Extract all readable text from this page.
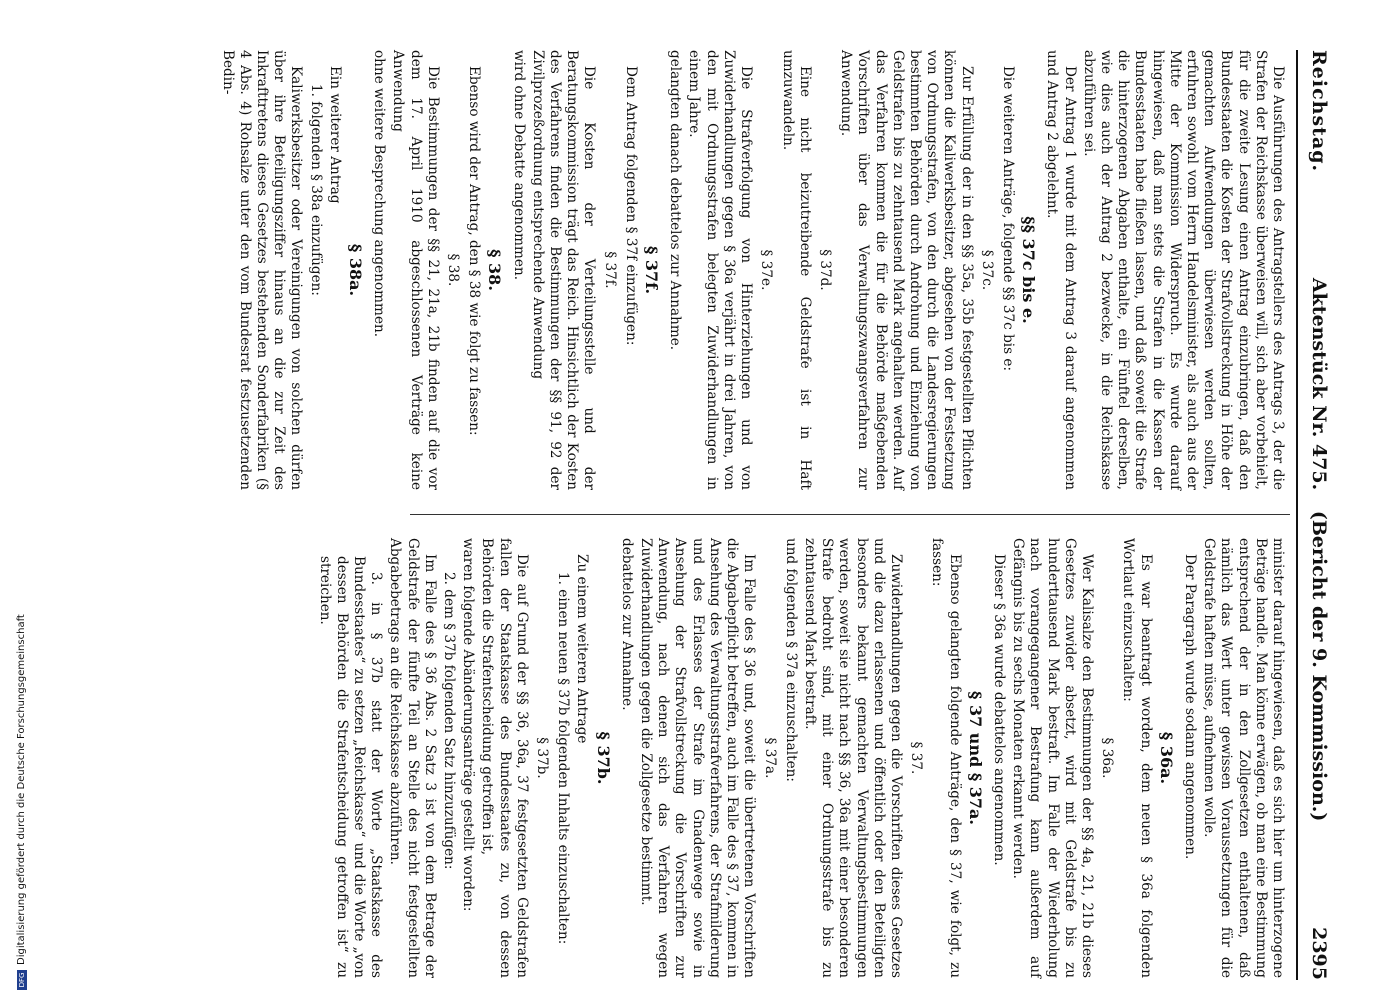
Reichstag.
Aktenstück Nr. 475. (Bericht der 9. Kommission.)
2395

Die Ausführungen des Antragstellers des Antrags 3, der die Strafen der Reichskasse überweisen will, sich aber vorbehielt, für die zweite Lesung einen Antrag einzubringen, daß den Bundesstaaten die Kosten der Strafvollstreckung in Höhe der gemachten Aufwendungen überwiesen werden sollten, erfuhren sowohl vom Herrn Handelsminister, als auch aus der Mitte der Kommission Widerspruch. Es wurde darauf hingewiesen, daß man stets die Strafen in die Kassen der Bundesstaaten habe fließen lassen, und daß soweit die Strafe die hinterzogenen Abgaben enthalte, ein Fünftel derselben, wie dies auch der Antrag 2 bezwecke, in die Reichskasse abzuführen sei.

Der Antrag 1 wurde mit dem Antrag 3 darauf angenommen und Antrag 2 abgelehnt.

§§ 37c bis e.

Die weiteren Anträge, folgende §§ 37c bis e:

§ 37c.

Zur Erfüllung der in den §§ 35a, 35b festgestellten Pflichten können die Kaliwerksbesitzer, abgesehen von der Festsetzung von Ordnungsstrafen, von den durch die Landesregierungen bestimmten Behörden durch Androhung und Einziehung von Geldstrafen bis zu zehntausend Mark angehalten werden. Auf das Verfahren kommen die für die Behörde maßgebenden Vorschriften über das Verwaltungszwangsverfahren zur Anwendung.

§ 37d.

Eine nicht beizutreibende Geldstrafe ist in Haft umzuwandeln.

§ 37e.

Die Strafverfolgung von Hinterziehungen und von Zuwiderhandlungen gegen § 36a verjährt in drei Jahren, von den mit Ordnungsstrafen belegten Zuwiderhandlungen in einem Jahre.

gelangten danach debattelos zur Annahme.

§ 37f.

Dem Antrag folgenden § 37f einzufügen:

§ 37f.

Die Kosten der Verteilungsstelle und der Beratungskommission trägt das Reich. Hinsichtlich der Kosten des Verfahrens finden die Bestimmungen der §§ 91, 92 der Zivilprozeßordnung entsprechende Anwendung

wird ohne Debatte angenommen.

§ 38.

Ebenso wird der Antrag, den § 38 wie folgt zu fassen:

§ 38.

Die Bestimmungen der §§ 21, 21a, 21b finden auf die vor dem 17. April 1910 abgeschlossenen Verträge keine Anwendung

ohne weitere Besprechung angenommen.

§ 38a.

Ein weiterer Antrag

1. folgenden § 38a einzufügen:

Kaliwerksbesitzer oder Vereinigungen von solchen dürfen über ihre Beteiligungsziffer hinaus an die zur Zeit des Inkrafttretens dieses Gesetzes bestehenden Sonderfabriken (§ 4 Abs. 4) Rohsalze unter den vom Bundesrat festzusetzenden Bedin-

minister darauf hingewiesen, daß es sich hier um hinterzogene Beträge handle. Man könne erwägen, ob man eine Bestimmung entsprechend der in den Zollgesetzen enthaltenen, daß nämlich das Wert unter gewissen Voraussetzungen für die Geldstrafe haften müsse, aufnehmen wolle.

Der Paragraph wurde sodann angenommen.

§ 36a.

Es war beantragt worden, dem neuen § 36a folgenden Wortlaut einzuschalten:

§ 36a.

Wer Kalisalze den Bestimmungen der §§ 4a, 21, 21b dieses Gesetzes zuwider absetzt, wird mit Geldstrafe bis zu hunderttausend Mark bestraft. Im Falle der Wiederholung nach vorangegangener Bestrafung kann außerdem auf Gefängnis bis zu sechs Monaten erkannt werden.

Dieser § 36a wurde debattelos angenommen.

§ 37 und § 37a.

Ebenso gelangten folgende Anträge, den § 37, wie folgt, zu fassen:

§ 37.

Zuwiderhandlungen gegen die Vorschriften dieses Gesetzes und die dazu erlassenen und öffentlich oder den Beteiligten besonders bekannt gemachten Verwaltungsbestimmungen werden, soweit sie nicht nach §§ 36, 36a mit einer besonderen Strafe bedroht sind, mit einer Ordnungsstrafe bis zu zehntausend Mark bestraft.

und folgenden § 37a einzuschalten:

§ 37a.

Im Falle des § 36 und, soweit die übertretenen Vorschriften die Abgabepflicht betreffen, auch im Falle des § 37, kommen in Ansehung des Verwaltungsstrafverfahrens, der Strafmilderung und des Erlasses der Strafe im Gnadenwege sowie in Ansehung der Strafvollstreckung die Vorschriften zur Anwendung, nach denen sich das Verfahren wegen Zuwiderhandlungen gegen die Zollgesetze bestimmt.

debattelos zur Annahme.

§ 37b.

Zu einem weiteren Antrage

1. einen neuen § 37b folgenden Inhalts einzuschalten:

§ 37b.

Die auf Grund der §§ 36, 36a, 37 festgesetzten Geldstrafen fallen der Staatskasse des Bundesstaates zu, von dessen Behörden die Strafentscheidung getroffen ist,

waren folgende Abänderungsanträge gestellt worden:

2. dem § 37b folgenden Satz hinzuzufügen:

Im Falle des § 36 Abs. 2 Satz 3 ist von dem Betrage der Geldstrafe der fünfte Teil an Stelle des nicht festgestellten Abgabebetrags an die Reichskasse abzuführen.

3. in § 37b statt der Worte „Staatskasse des Bundesstaates“ zu setzen „Reichskasse“ und die Worte „von dessen Behörden die Strafentscheidung getroffen ist“ zu streichen.

DFG
Digitalisierung gefördert durch die Deutsche Forschungsgemeinschaft
